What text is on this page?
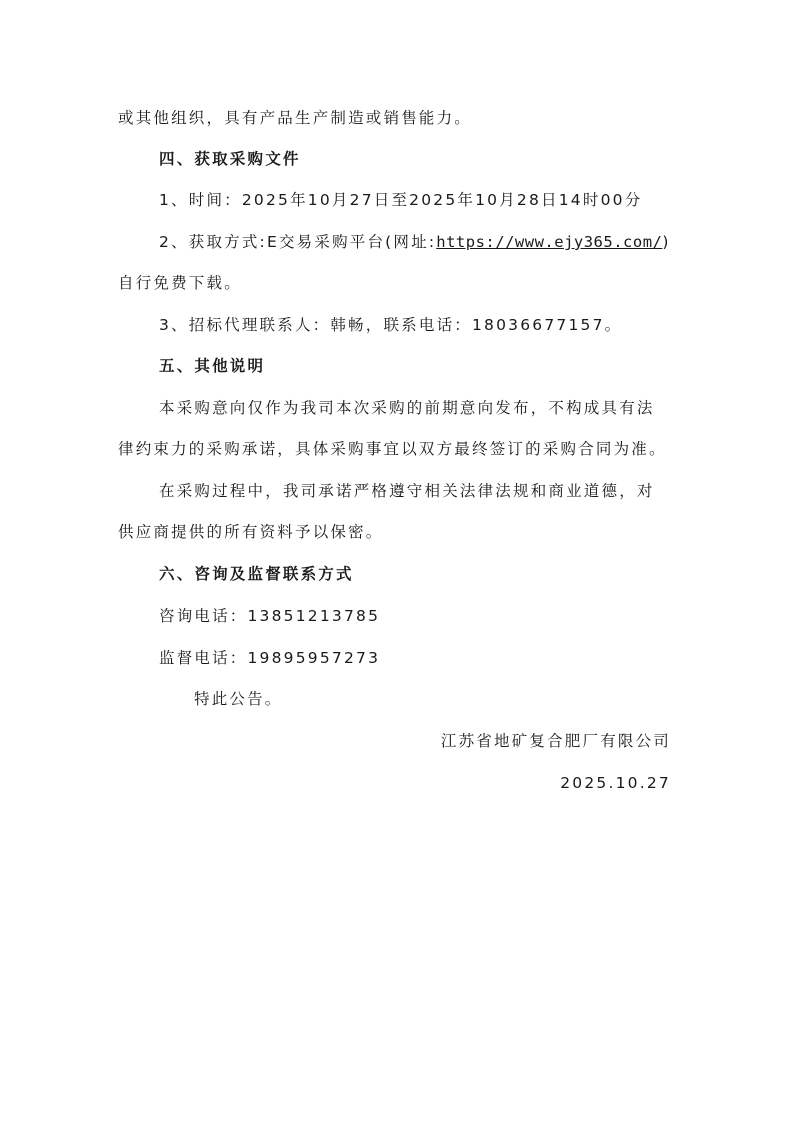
或其他组织，具有产品生产制造或销售能力。
四、获取采购文件
1、时间：2025年10月27日至2025年10月28日14时00分
2、获取方式:E交易采购平台(网址:https://www.ejy365.com/)
自行免费下载。
3、招标代理联系人：韩畅，联系电话：18036677157。
五、其他说明
本采购意向仅作为我司本次采购的前期意向发布，不构成具有法
律约束力的采购承诺，具体采购事宜以双方最终签订的采购合同为准。
在采购过程中，我司承诺严格遵守相关法律法规和商业道德，对
供应商提供的所有资料予以保密。
六、咨询及监督联系方式
咨询电话：13851213785
监督电话：19895957273
特此公告。
江苏省地矿复合肥厂有限公司
2025.10.27
